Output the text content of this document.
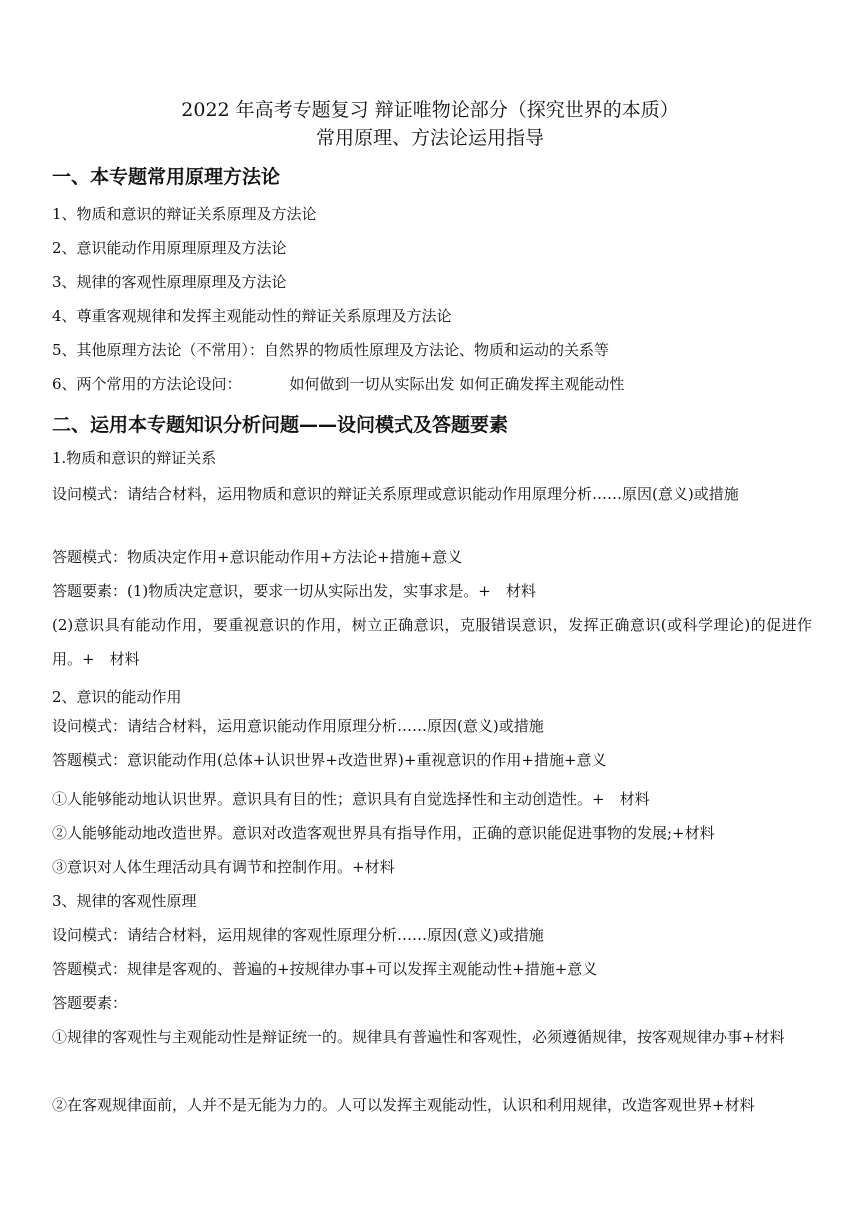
2022 年高考专题复习 辩证唯物论部分（探究世界的本质）
常用原理、方法论运用指导
一、本专题常用原理方法论
1、物质和意识的辩证关系原理及方法论
2、意识能动作用原理原理及方法论
3、规律的客观性原理原理及方法论
4、尊重客观规律和发挥主观能动性的辩证关系原理及方法论
5、其他原理方法论（不常用）：自然界的物质性原理及方法论、物质和运动的关系等
6、两个常用的方法论设问：	如何做到一切从实际出发 如何正确发挥主观能动性
二、运用本专题知识分析问题——设问模式及答题要素
1.物质和意识的辩证关系
设问模式：请结合材料，运用物质和意识的辩证关系原理或意识能动作用原理分析……原因(意义)或措施
答题模式：物质决定作用+意识能动作用+方法论+措施+意义
答题要素：(1)物质决定意识，要求一切从实际出发，实事求是。+　材料
(2)意识具有能动作用，要重视意识的作用，树立正确意识，克服错误意识，发挥正确意识(或科学理论)的促进作用。+　材料
2、意识的能动作用
设问模式：请结合材料，运用意识能动作用原理分析……原因(意义)或措施
答题模式：意识能动作用(总体+认识世界+改造世界)+重视意识的作用+措施+意义
①人能够能动地认识世界。意识具有目的性；意识具有自觉选择性和主动创造性。+　材料
②人能够能动地改造世界。意识对改造客观世界具有指导作用，正确的意识能促进事物的发展;+材料
③意识对人体生理活动具有调节和控制作用。+材料
3、规律的客观性原理
设问模式：请结合材料，运用规律的客观性原理分析……原因(意义)或措施
答题模式：规律是客观的、普遍的+按规律办事+可以发挥主观能动性+措施+意义
答题要素：
①规律的客观性与主观能动性是辩证统一的。规律具有普遍性和客观性，必须遵循规律，按客观规律办事+材料
②在客观规律面前，人并不是无能为力的。人可以发挥主观能动性，认识和利用规律，改造客观世界+材料
